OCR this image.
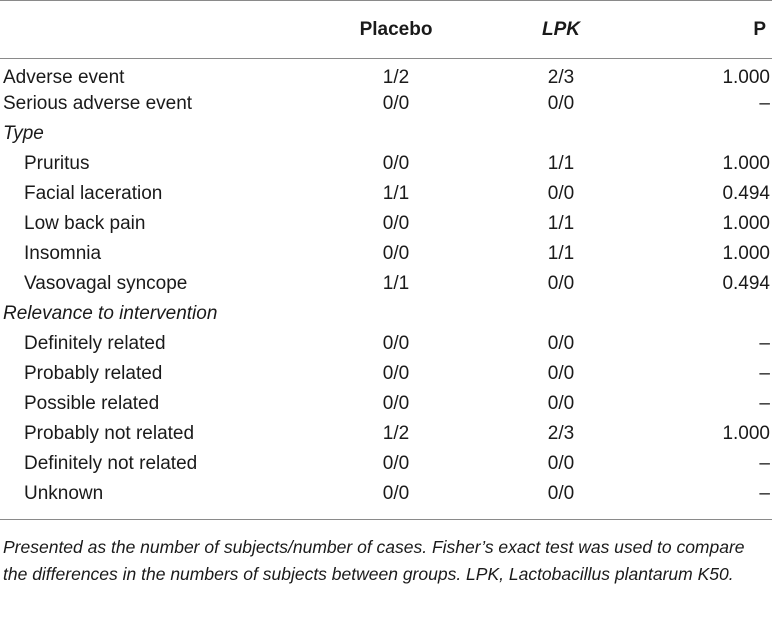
	Placebo	LPK	P
Adverse event	1/2	2/3	1.000
Serious adverse event	0/0	0/0	–
Type			
Pruritus	0/0	1/1	1.000
Facial laceration	1/1	0/0	0.494
Low back pain	0/0	1/1	1.000
Insomnia	0/0	1/1	1.000
Vasovagal syncope	1/1	0/0	0.494
Relevance to intervention			
Definitely related	0/0	0/0	–
Probably related	0/0	0/0	–
Possible related	0/0	0/0	–
Probably not related	1/2	2/3	1.000
Definitely not related	0/0	0/0	–
Unknown	0/0	0/0	–
Presented as the number of subjects/number of cases. Fisher’s exact test was used to compare the differences in the numbers of subjects between groups. LPK, Lactobacillus plantarum K50.
